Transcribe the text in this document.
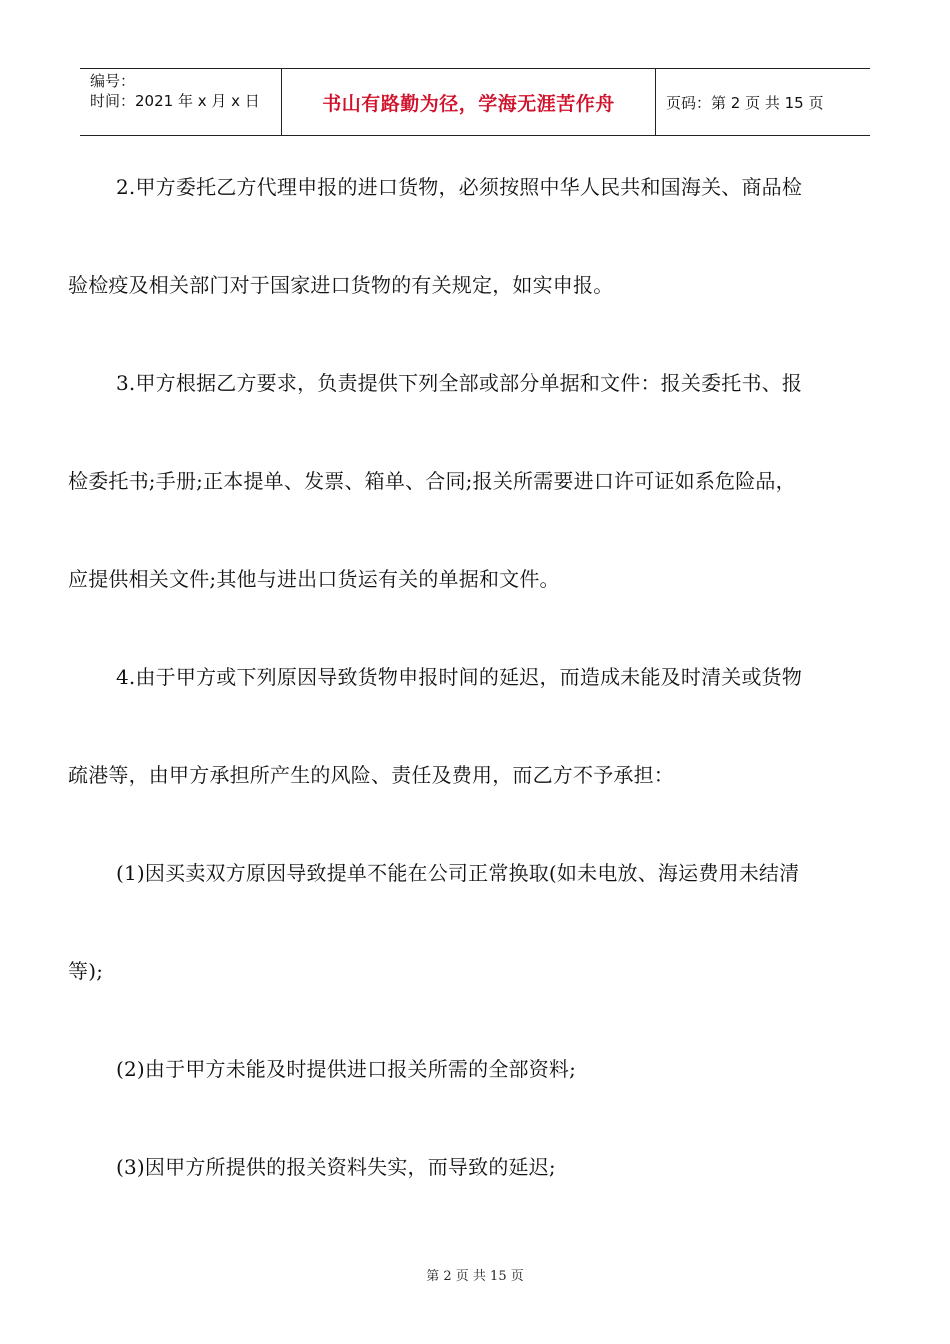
编号：
时间：2021 年 x 月 x 日	书山有路勤为径，学海无涯苦作舟	页码：第 2 页 共 15 页
2.甲方委托乙方代理申报的进口货物，必须按照中华人民共和国海关、商品检
验检疫及相关部门对于国家进口货物的有关规定，如实申报。
3.甲方根据乙方要求，负责提供下列全部或部分单据和文件：报关委托书、报
检委托书;手册;正本提单、发票、箱单、合同;报关所需要进口许可证如系危险品，
应提供相关文件;其他与进出口货运有关的单据和文件。
4.由于甲方或下列原因导致货物申报时间的延迟，而造成未能及时清关或货物
疏港等，由甲方承担所产生的风险、责任及费用，而乙方不予承担：
(1)因买卖双方原因导致提单不能在公司正常换取(如未电放、海运费用未结清
等);
(2)由于甲方未能及时提供进口报关所需的全部资料;
(3)因甲方所提供的报关资料失实，而导致的延迟;
第 2 页 共 15 页
